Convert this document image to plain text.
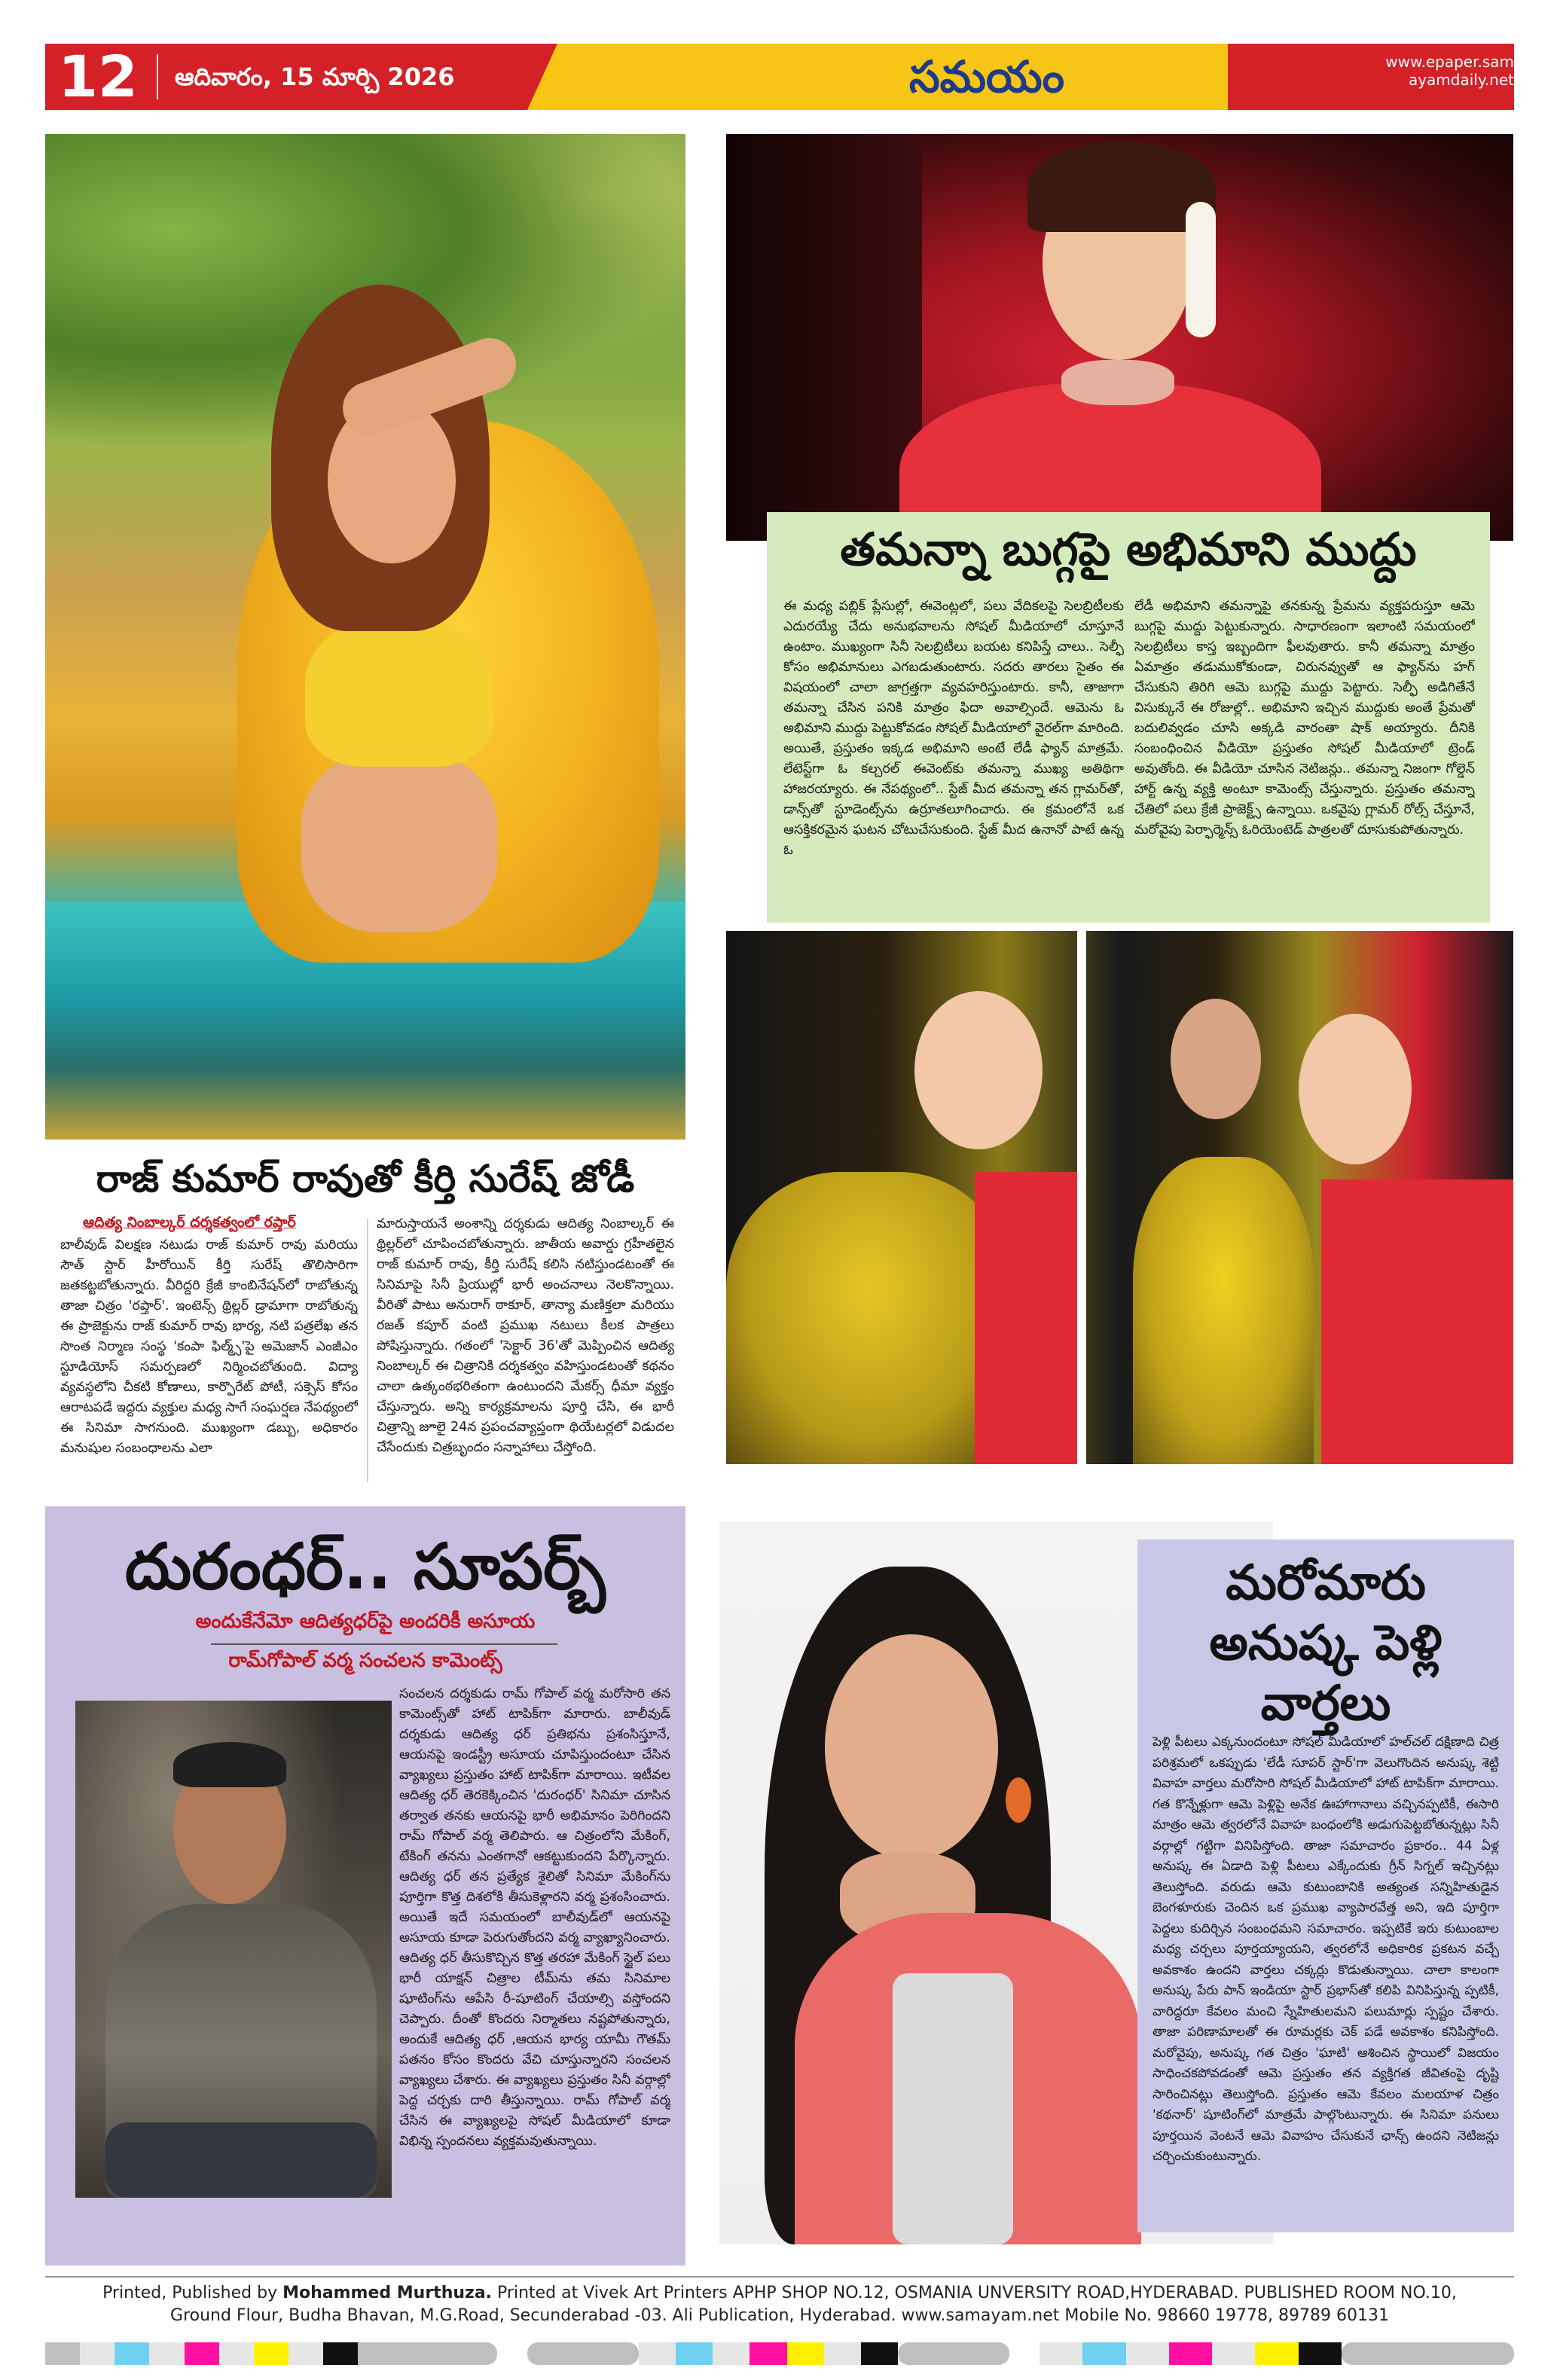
12	ఆదివారం, 15 మార్చి 2026	సమయం	www.epaper.sam
ayamdaily.net
తమన్నా బుగ్గపై అభిమాని ముద్దు
ఈ మధ్య పబ్లిక్ ప్లేసుల్లో, ఈవెంట్లలో, పలు వేదికలపై సెలబ్రిటీలకు ఎదురయ్యే చేదు అనుభవాలను సోషల్ మీడియాలో చూస్తూనే ఉంటాం. ముఖ్యంగా సినీ సెలబ్రిటీలు బయట కనిపిస్తే చాలు.. సెల్ఫీ కోసం అభిమానులు ఎగబడుతుంటారు. సదరు తారలు సైతం ఈ విషయంలో చాలా జాగ్రత్తగా వ్యవహరిస్తుంటారు. కానీ, తాజాగా తమన్నా చేసిన పనికి మాత్రం ఫిదా అవాల్సిందే. ఆమెను ఓ అభిమాని ముద్దు పెట్టుకోవడం సోషల్ మీడియాలో వైరల్‌గా మారింది. అయితే, ప్రస్తుతం ఇక్కడ అభిమాని అంటే లేడీ ఫ్యాన్ మాత్రమే. లేటెస్ట్‌గా ఓ కల్చరల్ ఈవెంట్‌కు తమన్నా ముఖ్య అతిథిగా హాజరయ్యారు. ఈ నేపథ్యంలో.. స్టేజ్ మీద తమన్నా తన గ్లామర్‌తో, డాన్స్‌తో స్టూడెంట్స్‌ను ఉర్రూతలూగించారు. ఈ క్రమంలోనే ఒక ఆసక్తికరమైన ఘటన చోటుచేసుకుంది. స్టేజ్ మీద ఉనానో పాటే ఉన్న ఓ
లేడీ అభిమాని తమన్నాపై తనకున్న ప్రేమను వ్యక్తపరుస్తూ ఆమె బుగ్గపై ముద్దు పెట్టుకున్నారు. సాధారణంగా ఇలాంటి సమయంలో సెలబ్రిటీలు కాస్త ఇబ్బందిగా ఫీలవుతారు. కానీ తమన్నా మాత్రం ఏమాత్రం తడుముకోకుండా, చిరునవ్వుతో ఆ ఫ్యాన్‌ను హగ్ చేసుకుని తిరిగి ఆమె బుగ్గపై ముద్దు పెట్టారు. సెల్ఫీ అడిగితేనే విసుక్కునే ఈ రోజుల్లో.. అభిమాని ఇచ్చిన ముద్దుకు అంతే ప్రేమతో బదులివ్వడం చూసి అక్కడి వారంతా షాక్ అయ్యారు. దీనికి సంబంధించిన వీడియో ప్రస్తుతం సోషల్ మీడియాలో ట్రెండ్ అవుతోంది. ఈ వీడియో చూసిన నెటిజన్లు.. తమన్నా నిజంగా గోల్డెన్ హార్ట్ ఉన్న వ్యక్తి అంటూ కామెంట్స్ చేస్తున్నారు. ప్రస్తుతం తమన్నా చేతిలో పలు క్రేజీ ప్రాజెక్ట్స్ ఉన్నాయి. ఒకవైపు గ్లామర్ రోల్స్ చేస్తూనే, మరోవైపు పెర్ఫార్మెన్స్ ఓరియెంటెడ్ పాత్రలతో దూసుకుపోతున్నారు.
రాజ్ కుమార్ రావుతో కీర్తి సురేష్ జోడీ
ఆదిత్య నింబాల్కర్ దర్శకత్వంలో రప్తార్
బాలీవుడ్ విలక్షణ నటుడు రాజ్ కుమార్ రావు మరియు సౌత్ స్టార్ హీరోయిన్ కీర్తి సురేష్ తొలిసారిగా జతకట్టబోతున్నారు. వీరిద్దరి క్రేజీ కాంబినేషన్‌లో రాబోతున్న తాజా చిత్రం 'రప్తార్'. ఇంటెన్స్ థ్రిల్లర్ డ్రామాగా రాబోతున్న ఈ ప్రాజెక్టును రాజ్ కుమార్ రావు భార్య, నటి పత్రలేఖ తన సొంత నిర్మాణ సంస్థ 'కంపా ఫిల్మ్స్'పై అమెజాన్ ఎంజీఎం స్టూడియోస్ సమర్పణలో నిర్మించబోతుంది. విద్యా వ్యవస్థలోని చీకటి కోణాలు, కార్పొరేట్ పోటీ, సక్సెస్ కోసం ఆరాటపడే ఇద్దరు వ్యక్తుల మధ్య సాగే సంఘర్షణ నేపథ్యంలో ఈ సినిమా సాగనుంది. ముఖ్యంగా డబ్బు, అధికారం మనుషుల సంబంధాలను ఎలా
మారుస్తాయనే అంశాన్ని దర్శకుడు ఆదిత్య నింబాల్కర్ ఈ థ్రిల్లర్‌లో చూపించబోతున్నారు. జాతీయ అవార్డు గ్రహీతలైన రాజ్ కుమార్ రావు, కీర్తి సురేష్ కలిసి నటిస్తుండటంతో ఈ సినిమాపై సినీ ప్రియుల్లో భారీ అంచనాలు నెలకొన్నాయి. వీరితో పాటు అనురాగ్ ఠాకూర్, తాన్యా మణిక్తలా మరియు రజత్ కపూర్ వంటి ప్రముఖ నటులు కీలక పాత్రలు పోషిస్తున్నారు. గతంలో 'సెక్టార్ 36'తో మెప్పించిన ఆదిత్య నింబాల్కర్ ఈ చిత్రానికి దర్శకత్వం వహిస్తుండటంతో కథనం చాలా ఉత్కంఠభరితంగా ఉంటుందని మేకర్స్ ధీమా వ్యక్తం చేస్తున్నారు. అన్ని కార్యక్రమాలను పూర్తి చేసి, ఈ భారీ చిత్రాన్ని జూలై 24న ప్రపంచవ్యాప్తంగా థియేటర్లలో విడుదల చేసేందుకు చిత్రబృందం సన్నాహాలు చేస్తోంది.
దురంధర్.. సూపర్బ్
అందుకేనేమో ఆదిత్యధర్‌పై అందరికీ అసూయ
రామ్‌గోపాల్ వర్మ సంచలన కామెంట్స్
సంచలన దర్శకుడు రామ్ గోపాల్ వర్మ మరోసారి తన కామెంట్స్‌తో హాట్ టాపిక్‌గా మారారు. బాలీవుడ్ దర్శకుడు ఆదిత్య ధర్ ప్రతిభను ప్రశంసిస్తూనే, ఆయనపై ఇండస్ట్రీ అసూయ చూపిస్తుందంటూ చేసిన వ్యాఖ్యలు ప్రస్తుతం హాట్ టాపిక్‌గా మారాయి. ఇటీవల ఆదిత్య ధర్ తెరకెక్కించిన 'దురంధర్' సినిమా చూసిన తర్వాత తనకు ఆయనపై భారీ అభిమానం పెరిగిందని రామ్ గోపాల్ వర్మ తెలిపారు. ఆ చిత్రంలోని మేకింగ్, టేకింగ్ తనను ఎంతగానో ఆకట్టుకుందని పేర్కొన్నారు. ఆదిత్య ధర్ తన ప్రత్యేక శైలితో సినిమా మేకింగ్‌ను పూర్తిగా కొత్త దిశలోకి తీసుకెళ్లారని వర్మ ప్రశంసించారు. అయితే ఇదే సమయంలో బాలీవుడ్‌లో ఆయనపై అసూయ కూడా పెరుగుతోందని వర్మ వ్యాఖ్యానించారు. ఆదిత్య ధర్ తీసుకొచ్చిన కొత్త తరహా మేకింగ్ స్టైల్ పలు భారీ యాక్షన్ చిత్రాల టీమ్‌ను తమ సినిమాల షూటింగ్‌ను ఆపేసి రీ-షూటింగ్ చేయాల్సి వస్తోందని చెప్పారు. దీంతో కొందరు నిర్మాతలు నష్టపోతున్నారు, అందుకే ఆదిత్య ధర్ ,ఆయన భార్య యామీ గౌతమ్ పతనం కోసం కొందరు వేచి చూస్తున్నారని సంచలన వ్యాఖ్యలు చేశారు. ఈ వ్యాఖ్యలు ప్రస్తుతం సినీ వర్గాల్లో పెద్ద చర్చకు దారి తీస్తున్నాయి. రామ్ గోపాల్ వర్మ చేసిన ఈ వ్యాఖ్యలపై సోషల్ మీడియాలో కూడా విభిన్న స్పందనలు వ్యక్తమవుతున్నాయి.
మరోమారు
అనుష్క పెళ్లి
వార్తలు
పెళ్లి పీటలు ఎక్కనుందంటూ సోషల్ మీడియాలో హల్‌చల్ దక్షిణాది చిత్ర పరిశ్రమలో ఒకప్పుడు 'లేడీ సూపర్ స్టార్'గా వెలుగొందిన అనుష్క శెట్టి వివాహ వార్తలు మరోసారి సోషల్ మీడియాలో హాట్ టాపిక్‌గా మారాయి. గత కొన్నేళ్లుగా ఆమె పెళ్లిపై అనేక ఊహాగానాలు వచ్చినప్పటికీ, ఈసారి మాత్రం ఆమె త్వరలోనే వివాహ బంధంలోకి అడుగుపెట్టబోతున్నట్లు సినీ వర్గాల్లో గట్టిగా వినిపిస్తోంది. తాజా సమాచారం ప్రకారం.. 44 ఏళ్ల అనుష్క ఈ ఏడాది పెళ్లి పీటలు ఎక్కేందుకు గ్రీన్ సిగ్నల్ ఇచ్చినట్లు తెలుస్తోంది. వరుడు ఆమె కుటుంబానికి అత్యంత సన్నిహితుడైన బెంగళూరుకు చెందిన ఒక ప్రముఖ వ్యాపారవేత్త అని, ఇది పూర్తిగా పెద్దలు కుదిర్చిన సంబంధమని సమాచారం. ఇప్పటికే ఇరు కుటుంబాల మధ్య చర్చలు పూర్తయ్యాయని, త్వరలోనే అధికారిక ప్రకటన వచ్చే అవకాశం ఉందని వార్తలు చక్కర్లు కొడుతున్నాయి. చాలా కాలంగా అనుష్క పేరు పాన్ ఇండియా స్టార్ ప్రభాస్‌తో కలిపి వినిపిస్తున్న ప్పటికీ, వారిద్దరూ కేవలం మంచి స్నేహితులమని పలుమార్లు స్పష్టం చేశారు. తాజా పరిణామాలతో ఈ రూమర్లకు చెక్ పడే అవకాశం కనిపిస్తోంది. మరోవైపు, అనుష్క గత చిత్రం 'ఘాటి' ఆశించిన స్థాయిలో విజయం సాధించకపోవడంతో ఆమె ప్రస్తుతం తన వ్యక్తిగత జీవితంపై దృష్టి సారించినట్లు తెలుస్తోంది. ప్రస్తుతం ఆమె కేవలం మలయాళ చిత్రం 'కథనార్' షూటింగ్‌లో మాత్రమే పాల్గొంటున్నారు. ఈ సినిమా పనులు పూర్తయిన వెంటనే ఆమె వివాహం చేసుకునే ఛాన్స్ ఉందని నెటిజన్లు చర్చించుకుంటున్నారు.
Printed, Published by Mohammed Murthuza. Printed at Vivek Art Printers APHP SHOP NO.12, OSMANIA UNVERSITY ROAD,HYDERABAD. PUBLISHED ROOM NO.10,
Ground Flour, Budha Bhavan, M.G.Road, Secunderabad -03. Ali Publication, Hyderabad. www.samayam.net Mobile No. 98660 19778, 89789 60131
